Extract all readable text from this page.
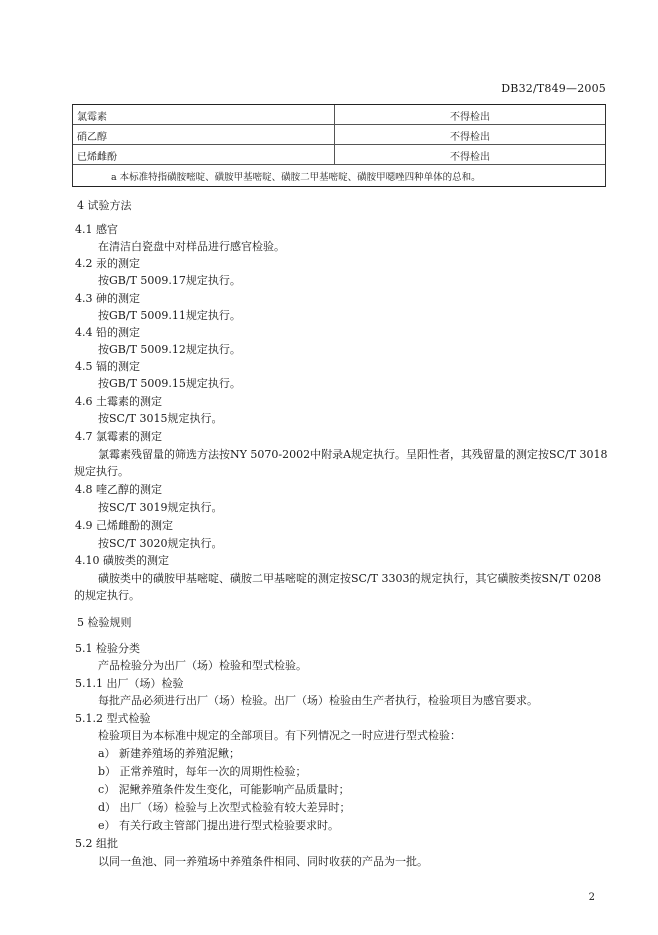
DB32/T849—2005
氯霉素	不得检出
硝乙醇	不得检出
已烯雌酚	不得检出
a 本标准特指磺胺嘧啶、磺胺甲基嘧啶、磺胺二甲基嘧啶、磺胺甲噁唑四种单体的总和。
4 试验方法
4.1 感官
在清洁白瓷盘中对样品进行感官检验。
4.2 汞的测定
按GB/T 5009.17规定执行。
4.3 砷的测定
按GB/T 5009.11规定执行。
4.4 铅的测定
按GB/T 5009.12规定执行。
4.5 镉的测定
按GB/T 5009.15规定执行。
4.6 土霉素的测定
按SC/T 3015规定执行。
4.7 氯霉素的测定
氯霉素残留量的筛选方法按NY 5070-2002中附录A规定执行。呈阳性者，其残留量的测定按SC/T 3018
规定执行。
4.8 喹乙醇的测定
按SC/T 3019规定执行。
4.9 己烯雌酚的测定
按SC/T 3020规定执行。
4.10 磺胺类的测定
磺胺类中的磺胺甲基嘧啶、磺胺二甲基嘧啶的测定按SC/T 3303的规定执行，其它磺胺类按SN/T 0208
的规定执行。
5 检验规则
5.1 检验分类
产品检验分为出厂（场）检验和型式检验。
5.1.1 出厂（场）检验
每批产品必须进行出厂（场）检验。出厂（场）检验由生产者执行，检验项目为感官要求。
5.1.2 型式检验
检验项目为本标准中规定的全部项目。有下列情况之一时应进行型式检验：
a） 新建养殖场的养殖泥鳅；
b） 正常养殖时，每年一次的周期性检验；
c） 泥鳅养殖条件发生变化，可能影响产品质量时；
d） 出厂（场）检验与上次型式检验有较大差异时；
e） 有关行政主管部门提出进行型式检验要求时。
5.2 组批
以同一鱼池、同一养殖场中养殖条件相同、同时收获的产品为一批。
2
